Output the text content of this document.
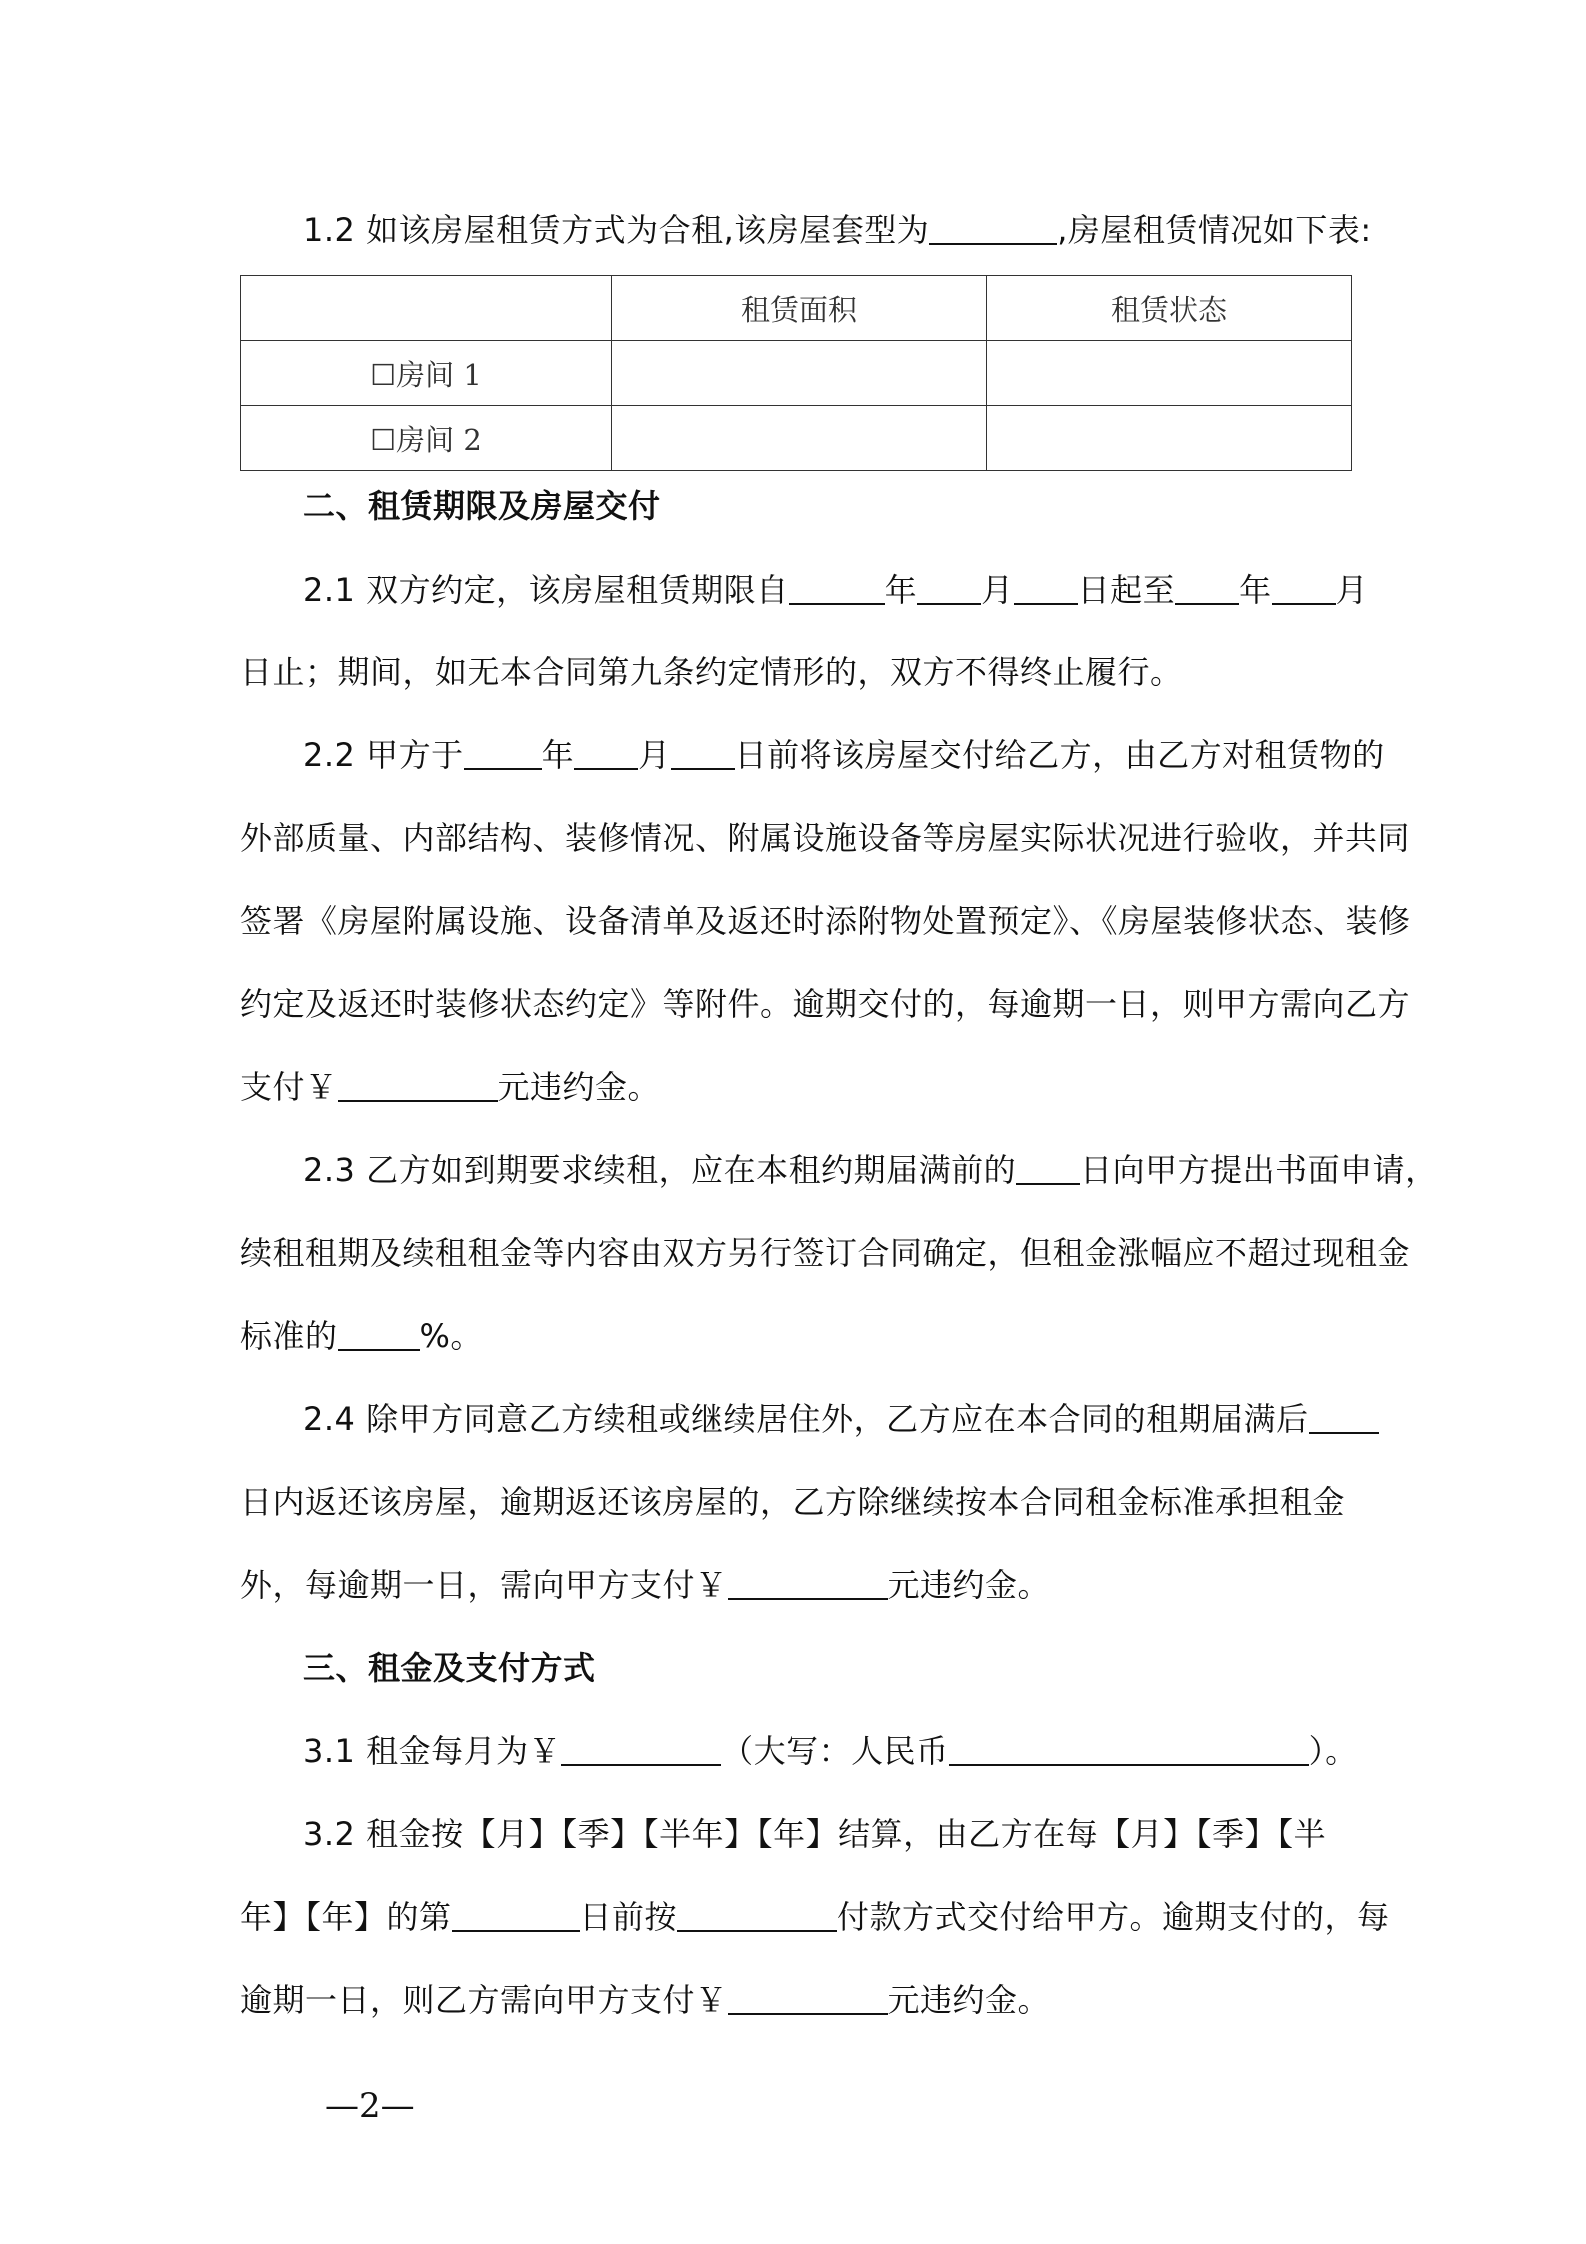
1.2 如该房屋租赁方式为合租,该房屋套型为	,房屋租赁情况如下表:
	租赁面积	租赁状态
☐房间 1		
☐房间 2		
二、租赁期限及房屋交付
2.1 双方约定，该房屋租赁期限自	年 月 日起至 年 月
日止；期间，如无本合同第九条约定情形的，双方不得终止履行。
2.2 甲方于 年 月 日前将该房屋交付给乙方，由乙方对租赁物的
外部质量、内部结构、装修情况、附属设施设备等房屋实际状况进行验收，并共同
签署《房屋附属设施、设备清单及返还时添附物处置预定》、《房屋装修状态、装修
约定及返还时装修状态约定》等附件。逾期交付的，每逾期一日，则甲方需向乙方
支付￥	元违约金。
2.3 乙方如到期要求续租，应在本租约期届满前的 日向甲方提出书面申请，
续租租期及续租租金等内容由双方另行签订合同确定，但租金涨幅应不超过现租金
标准的	%。
2.4 除甲方同意乙方续租或继续居住外，乙方应在本合同的租期届满后
日内返还该房屋，逾期返还该房屋的，乙方除继续按本合同租金标准承担租金
外，每逾期一日，需向甲方支付￥	元违约金。
三、租金及支付方式
3.1 租金每月为￥	（大写：人民币	）。
3.2 租金按【月】【季】【半年】【年】结算，由乙方在每【月】【季】【半
年】【年】的第	日前按	付款方式交付给甲方。逾期支付的，每
逾期一日，则乙方需向甲方支付￥	元违约金。
—2—
